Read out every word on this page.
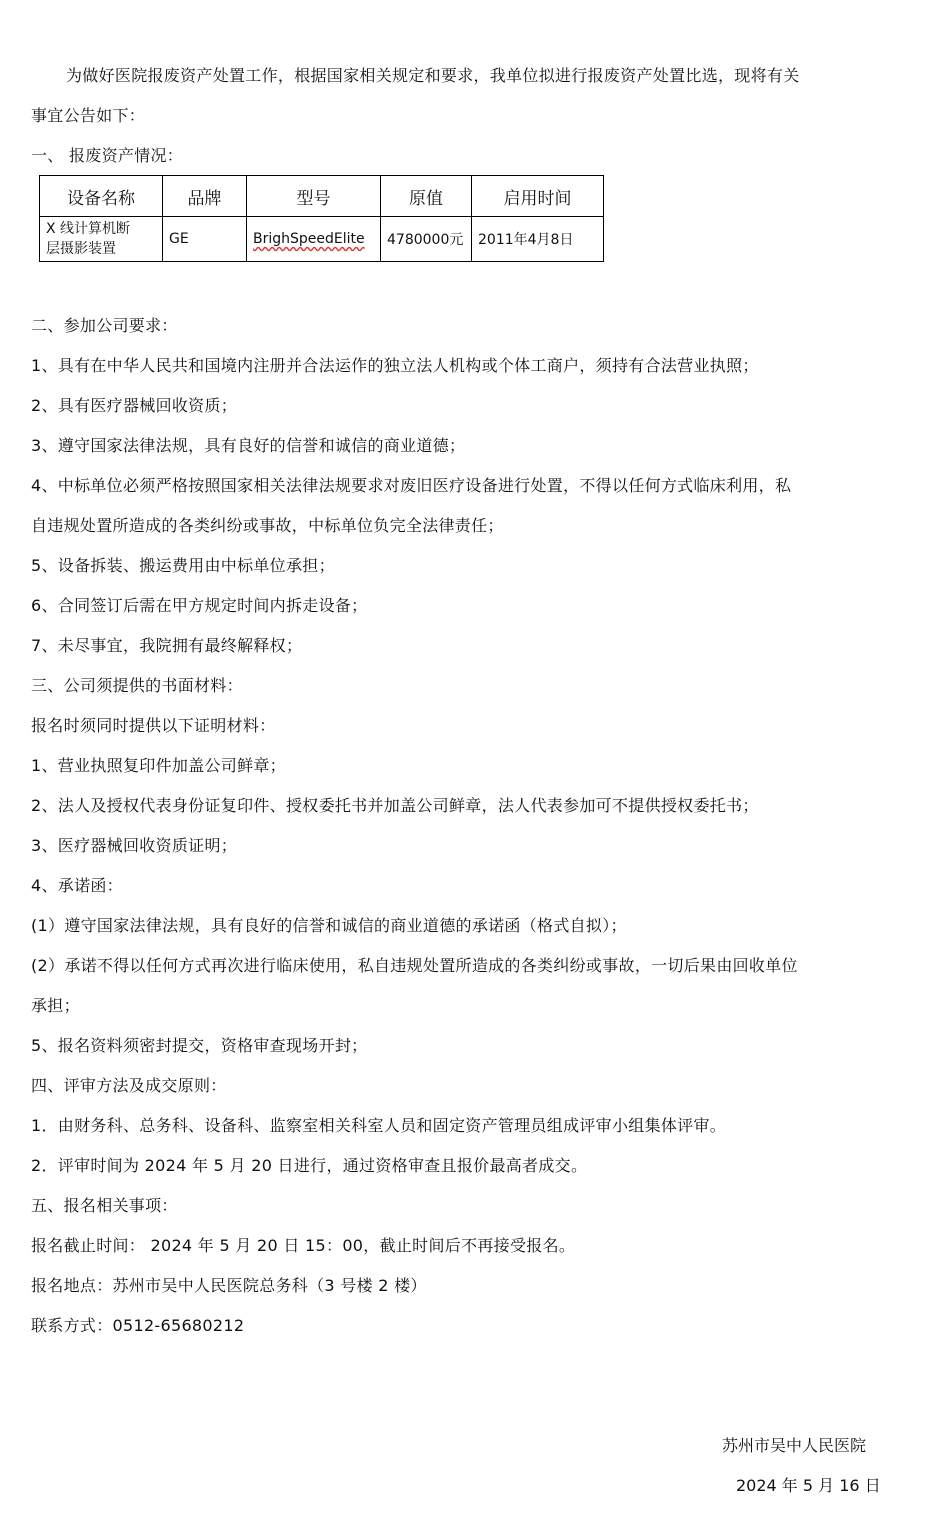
为做好医院报废资产处置工作，根据国家相关规定和要求，我单位拟进行报废资产处置比选，现将有关
事宜公告如下：
一、 报废资产情况：
设备名称	品牌	型号	原值	启用时间

X 线计算机断
层摄影装置	GE	BrighSpeedElite	4780000元	2011年4月8日
二、参加公司要求：
1、具有在中华人民共和国境内注册并合法运作的独立法人机构或个体工商户，须持有合法营业执照；
2、具有医疗器械回收资质；
3、遵守国家法律法规，具有良好的信誉和诚信的商业道德；
4、中标单位必须严格按照国家相关法律法规要求对废旧医疗设备进行处置，不得以任何方式临床利用，私
自违规处置所造成的各类纠纷或事故，中标单位负完全法律责任；
5、设备拆装、搬运费用由中标单位承担；
6、合同签订后需在甲方规定时间内拆走设备；
7、未尽事宜，我院拥有最终解释权；
三、公司须提供的书面材料：
报名时须同时提供以下证明材料：
1、营业执照复印件加盖公司鲜章；
2、法人及授权代表身份证复印件、授权委托书并加盖公司鲜章，法人代表参加可不提供授权委托书；
3、医疗器械回收资质证明；
4、承诺函：
(1）遵守国家法律法规，具有良好的信誉和诚信的商业道德的承诺函（格式自拟）；
(2）承诺不得以任何方式再次进行临床使用，私自违规处置所造成的各类纠纷或事故，一切后果由回收单位
承担；
5、报名资料须密封提交，资格审查现场开封；
四、评审方法及成交原则：
1．由财务科、总务科、设备科、监察室相关科室人员和固定资产管理员组成评审小组集体评审。
2．评审时间为 2024 年 5 月 20 日进行，通过资格审查且报价最高者成交。
五、报名相关事项：
报名截止时间： 2024 年 5 月 20 日 15：00，截止时间后不再接受报名。
报名地点：苏州市吴中人民医院总务科（3 号楼 2 楼）
联系方式：0512-65680212
苏州市吴中人民医院
2024 年 5 月 16 日
